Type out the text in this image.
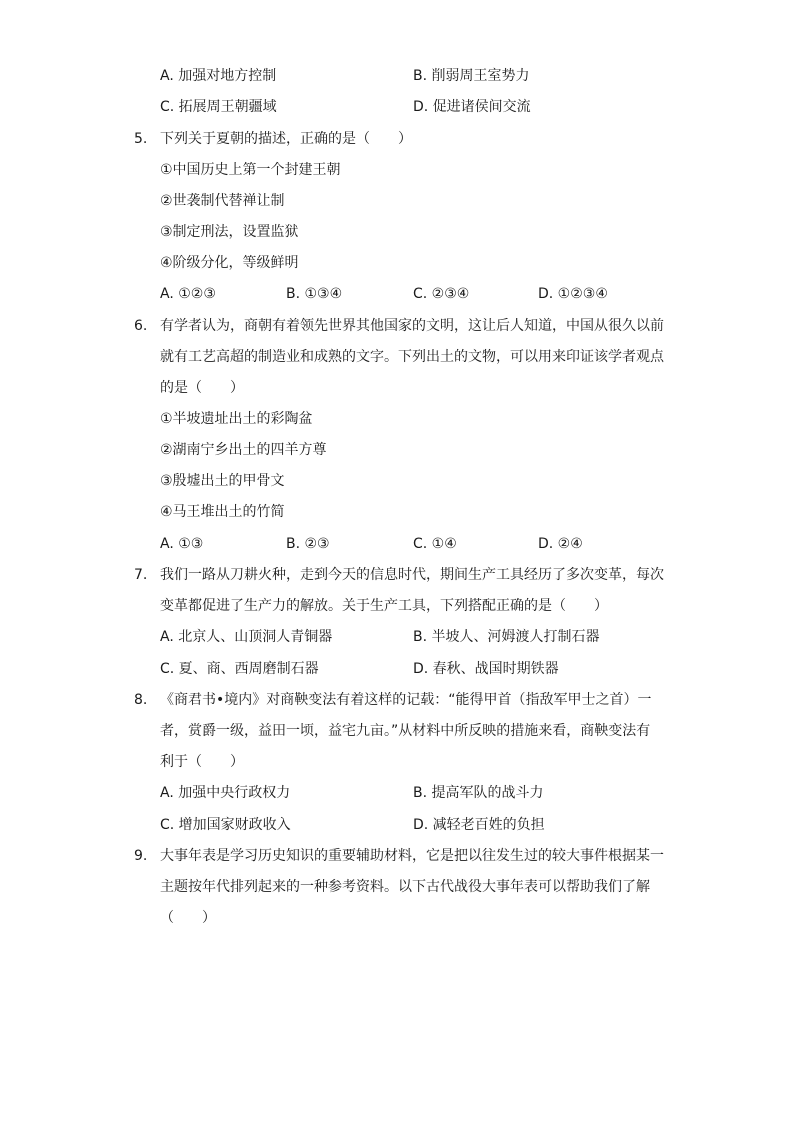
A. 加强对地方控制	B. 削弱周王室势力
C. 拓展周王朝疆域	D. 促进诸侯间交流
5. 下列关于夏朝的描述，正确的是（　　）
①中国历史上第一个封建王朝
②世袭制代替禅让制
③制定刑法，设置监狱
④阶级分化，等级鲜明
A. ①②③	B. ①③④	C. ②③④	D. ①②③④
6. 有学者认为，商朝有着领先世界其他国家的文明，这让后人知道，中国从很久以前
就有工艺高超的制造业和成熟的文字。下列出土的文物，可以用来印证该学者观点
的是（　　）
①半坡遗址出土的彩陶盆
②湖南宁乡出土的四羊方尊
③殷墟出土的甲骨文
④马王堆出土的竹简
A. ①③	B. ②③	C. ①④	D. ②④
7. 我们一路从刀耕火种，走到今天的信息时代，期间生产工具经历了多次变革，每次
变革都促进了生产力的解放。关于生产工具，下列搭配正确的是（　　）
A. 北京人、山顶洞人青铜器	B. 半坡人、河姆渡人打制石器
C. 夏、商、西周磨制石器	D. 春秋、战国时期铁器
8. 《商君书•境内》对商鞅变法有着这样的记载：“能得甲首（指敌军甲士之首）一
者，赏爵一级，益田一顷，益宅九亩。”从材料中所反映的措施来看，商鞅变法有
利于（　　）
A. 加强中央行政权力	B. 提高军队的战斗力
C. 增加国家财政收入	D. 减轻老百姓的负担
9. 大事年表是学习历史知识的重要辅助材料，它是把以往发生过的较大事件根据某一
主题按年代排列起来的一种参考资料。以下古代战役大事年表可以帮助我们了解
（　　）
